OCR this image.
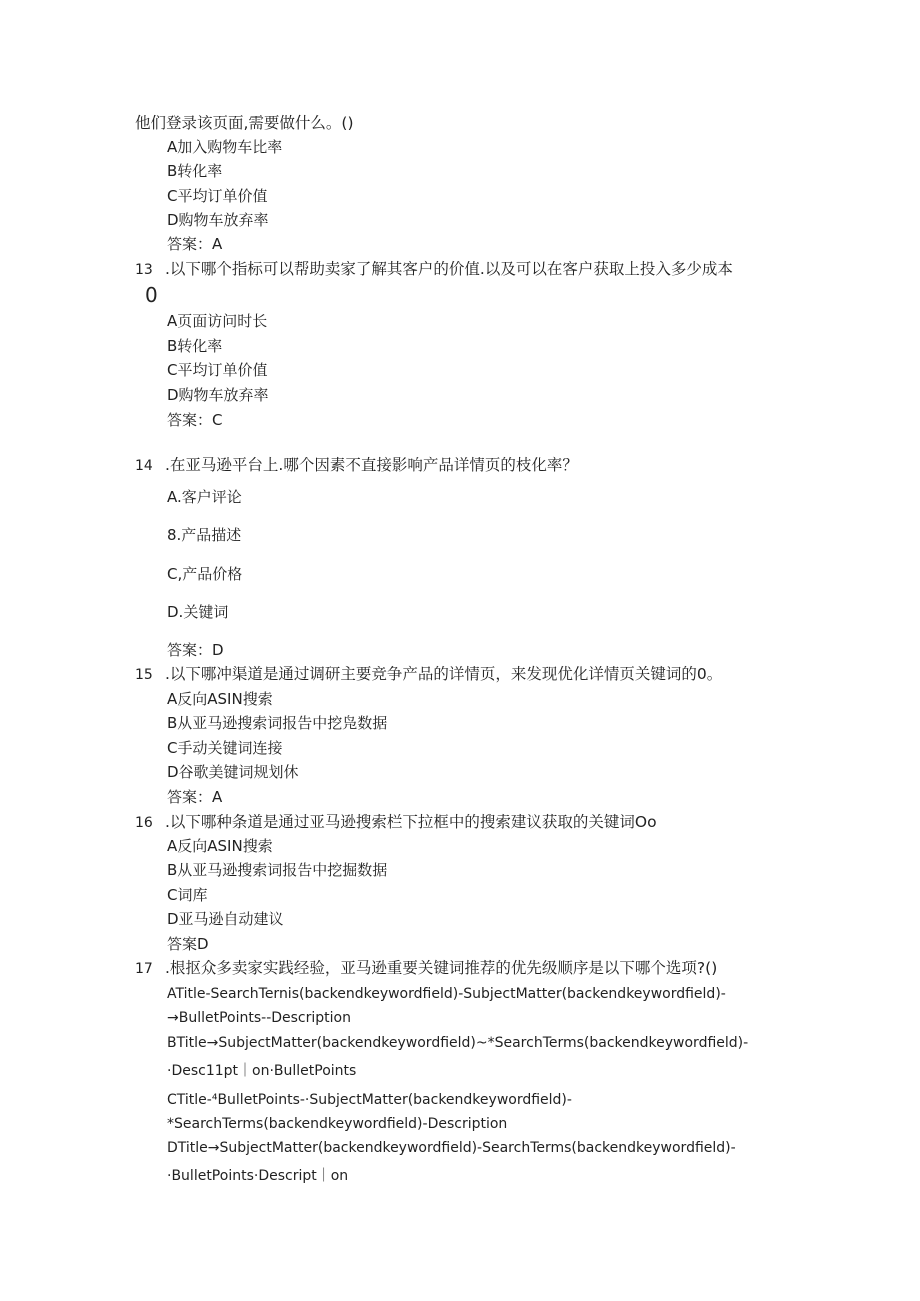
他们登录该页面,需要做什么。()
A加入购物车比率
B转化率
C平均订单价值
D购物车放弃率
答案：A
13 .以下哪个指标可以帮助卖家了解其客户的价值.以及可以在客户获取上投入多少成本
0
A页面访问时长
B转化率
C平均订单价值
D购物车放弃率
答案：C
14 .在亚马逊平台上.哪个因素不直接影响产品详情页的枝化率？
A.客户评论
8.产品描述
C,产品价格
D.关键词
答案：D
15 .以下哪冲渠道是通过调研主要竞争产品的详情页，来发现优化详情页关键词的0。
A反向ASIN搜索
B从亚马逊搜索词报告中挖凫数据
C手动关键词连接
D谷歌美键词规划休
答案：A
16 .以下哪种条道是通过亚马逊搜索栏下拉框中的搜索建议获取的关键词Oo
A反向ASIN搜索
B从亚马逊搜索词报告中挖掘数据
C词库
D亚马逊自动建议
答案D
17 .根抠众多卖家实践经验，亚马逊重要关键词推荐的优先级顺序是以下哪个选项?()
ATitle-SearchTernis(backendkeywordfield)-SubjectMatter(backendkeywordfield)-
→BulletPoints--Description
BTitle→SubjectMatter(backendkeywordfield)~*SearchTerms(backendkeywordfield)-
·Desc11pt｜on·BulletPoints
CTitle-⁴BulletPoints-·SubjectMatter(backendkeywordfield)-
*SearchTerms(backendkeywordfield)-Description
DTitle→SubjectMatter(backendkeywordfield)-SearchTerms(backendkeywordfield)-
·BulletPoints·Descript｜on
